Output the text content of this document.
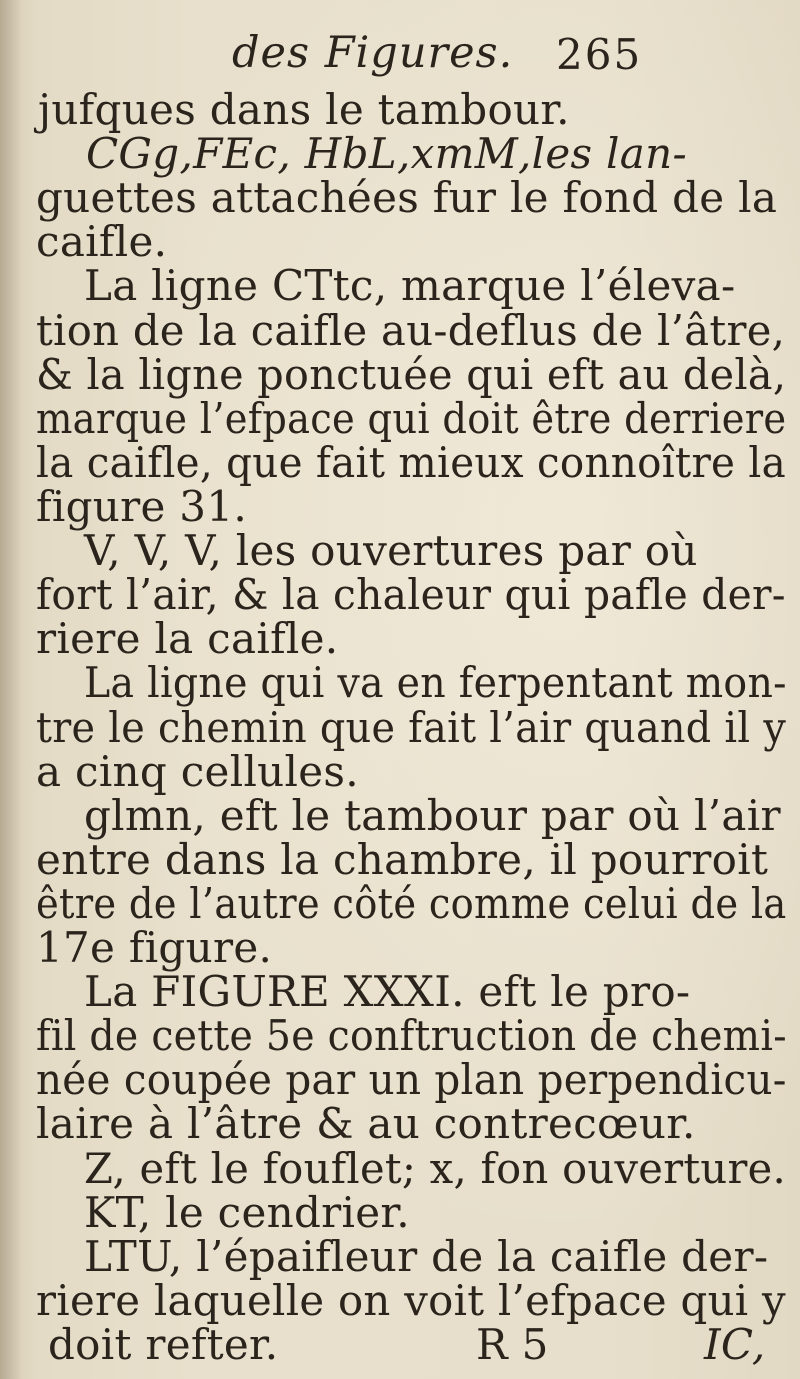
des Figures. 265
jufques dans le tambour.
CGg,FEc, HbL,xmM,les lan-
guettes attachées fur le fond de la
caifle.
La ligne CTtc, marque l’éleva-
tion de la caifle au-deflus de l’âtre,
& la ligne ponctuée qui eft au delà,
marque l’efpace qui doit être derriere
la caifle, que fait mieux connoître la
figure 31.
V, V, V, les ouvertures par où
fort l’air, & la chaleur qui pafle der-
riere la caifle.
La ligne qui va en ferpentant mon-
tre le chemin que fait l’air quand il y
a cinq cellules.
glmn, eft le tambour par où l’air
entre dans la chambre, il pourroit
être de l’autre côté comme celui de la
17e figure.
La FIGURE XXXI. eft le pro-
fil de cette 5e conftruction de chemi-
née coupée par un plan perpendicu-
laire à l’âtre & au contrecœur.
Z, eft le fouflet; x, fon ouverture.
KT, le cendrier.
LTU, l’épaifleur de la caifle der-
riere laquelle on voit l’efpace qui y
doit refter.	R 5	IC,
